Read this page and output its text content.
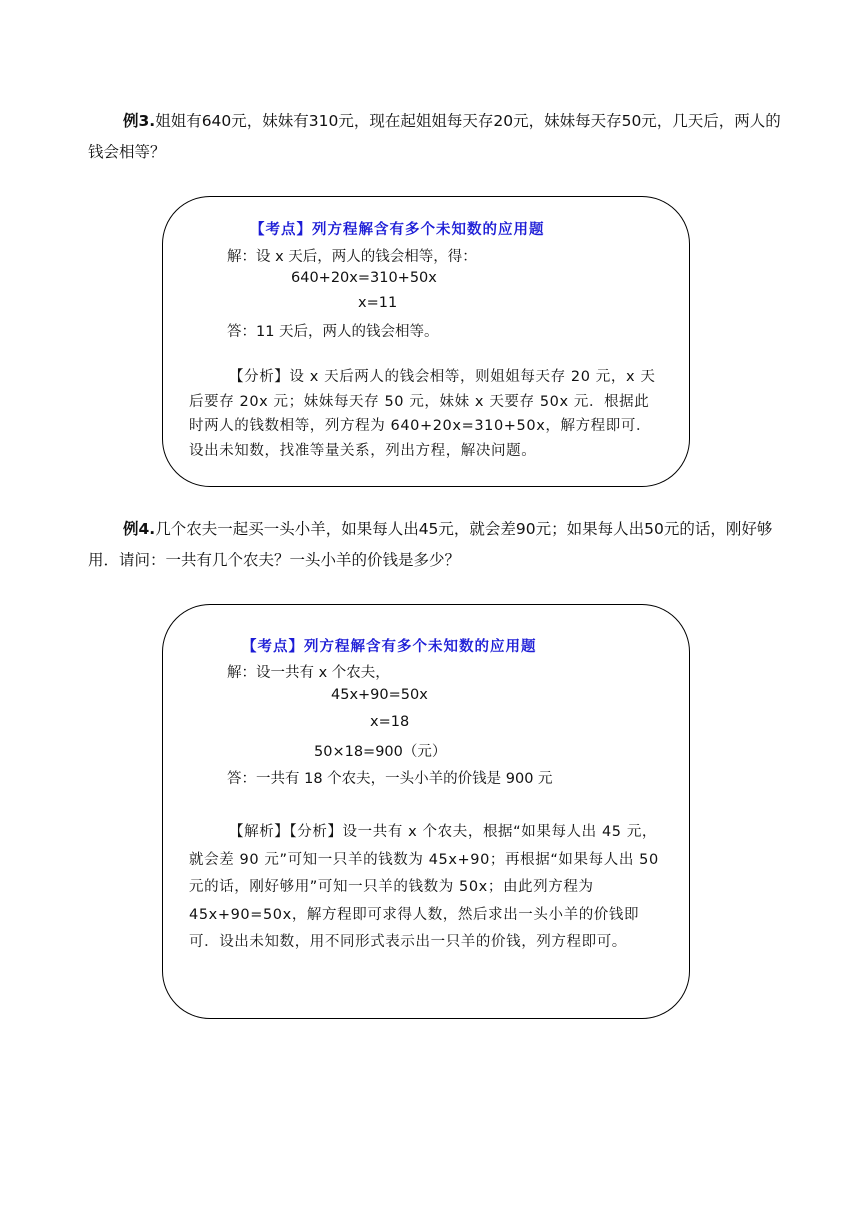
例3.姐姐有640元，妹妹有310元，现在起姐姐每天存20元，妹妹每天存50元，几天后，两人的钱会相等？

【考点】列方程解含有多个未知数的应用题

解：设 x 天后，两人的钱会相等，得：

640+20x=310+50x

x=11

答：11 天后，两人的钱会相等。

【分析】设 x 天后两人的钱会相等，则姐姐每天存 20 元，x 天后要存 20x 元；妹妹每天存 50 元，妹妹 x 天要存 50x 元．根据此时两人的钱数相等，列方程为 640+20x=310+50x，解方程即可．设出未知数，找准等量关系，列出方程，解决问题。

例4.几个农夫一起买一头小羊，如果每人出45元，就会差90元；如果每人出50元的话，刚好够用．请问：一共有几个农夫？一头小羊的价钱是多少？

【考点】列方程解含有多个未知数的应用题

解：设一共有 x 个农夫，

45x+90=50x

x=18

50×18=900（元）

答：一共有 18 个农夫，一头小羊的价钱是 900 元

【解析】【分析】设一共有 x 个农夫，根据“如果每人出 45 元，就会差 90 元”可知一只羊的钱数为 45x+90；再根据“如果每人出 50 元的话，刚好够用”可知一只羊的钱数为 50x；由此列方程为 45x+90=50x，解方程即可求得人数，然后求出一头小羊的价钱即可．设出未知数，用不同形式表示出一只羊的价钱，列方程即可。
